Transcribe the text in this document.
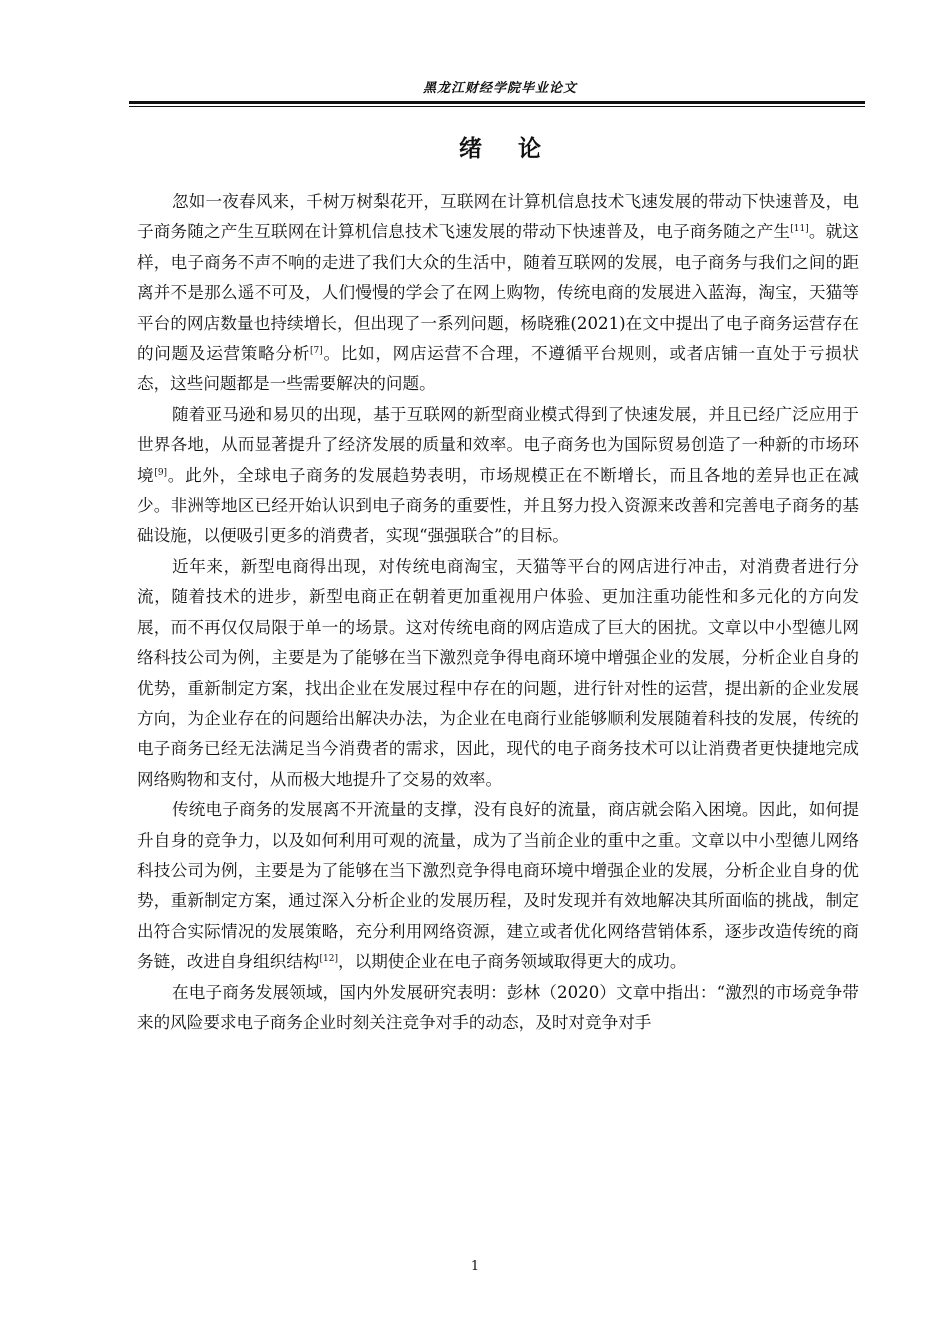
黑龙江财经学院毕业论文
绪论

忽如一夜春风来，千树万树梨花开，互联网在计算机信息技术飞速发展的带动下快速普及，电子商务随之产生互联网在计算机信息技术飞速发展的带动下快速普及，电子商务随之产生[11]。就这样，电子商务不声不响的走进了我们大众的生活中，随着互联网的发展，电子商务与我们之间的距离并不是那么遥不可及，人们慢慢的学会了在网上购物，传统电商的发展进入蓝海，淘宝，天猫等平台的网店数量也持续增长，但出现了一系列问题，杨晓雅(2021)在文中提出了电子商务运营存在的问题及运营策略分析[7]。比如，网店运营不合理，不遵循平台规则，或者店铺一直处于亏损状态，这些问题都是一些需要解决的问题。

随着亚马逊和易贝的出现，基于互联网的新型商业模式得到了快速发展，并且已经广泛应用于世界各地，从而显著提升了经济发展的质量和效率。电子商务也为国际贸易创造了一种新的市场环境[9]。此外，全球电子商务的发展趋势表明，市场规模正在不断增长，而且各地的差异也正在减少。非洲等地区已经开始认识到电子商务的重要性，并且努力投入资源来改善和完善电子商务的基础设施，以便吸引更多的消费者，实现“强强联合”的目标。

近年来，新型电商得出现，对传统电商淘宝，天猫等平台的网店进行冲击，对消费者进行分流，随着技术的进步，新型电商正在朝着更加重视用户体验、更加注重功能性和多元化的方向发展，而不再仅仅局限于单一的场景。这对传统电商的网店造成了巨大的困扰。文章以中小型德儿网络科技公司为例，主要是为了能够在当下激烈竞争得电商环境中增强企业的发展，分析企业自身的优势，重新制定方案，找出企业在发展过程中存在的问题，进行针对性的运营，提出新的企业发展方向，为企业存在的问题给出解决办法，为企业在电商行业能够顺利发展随着科技的发展，传统的电子商务已经无法满足当今消费者的需求，因此，现代的电子商务技术可以让消费者更快捷地完成网络购物和支付，从而极大地提升了交易的效率。

传统电子商务的发展离不开流量的支撑，没有良好的流量，商店就会陷入困境。因此，如何提升自身的竞争力，以及如何利用可观的流量，成为了当前企业的重中之重。文章以中小型德儿网络科技公司为例，主要是为了能够在当下激烈竞争得电商环境中增强企业的发展，分析企业自身的优势，重新制定方案，通过深入分析企业的发展历程，及时发现并有效地解决其所面临的挑战，制定出符合实际情况的发展策略，充分利用网络资源，建立或者优化网络营销体系，逐步改造传统的商务链，改进自身组织结构[12]，以期使企业在电子商务领域取得更大的成功。

在电子商务发展领域，国内外发展研究表明：彭林（2020）文章中指出：“激烈的市场竞争带来的风险要求电子商务企业时刻关注竞争对手的动态，及时对竞争对手

1
